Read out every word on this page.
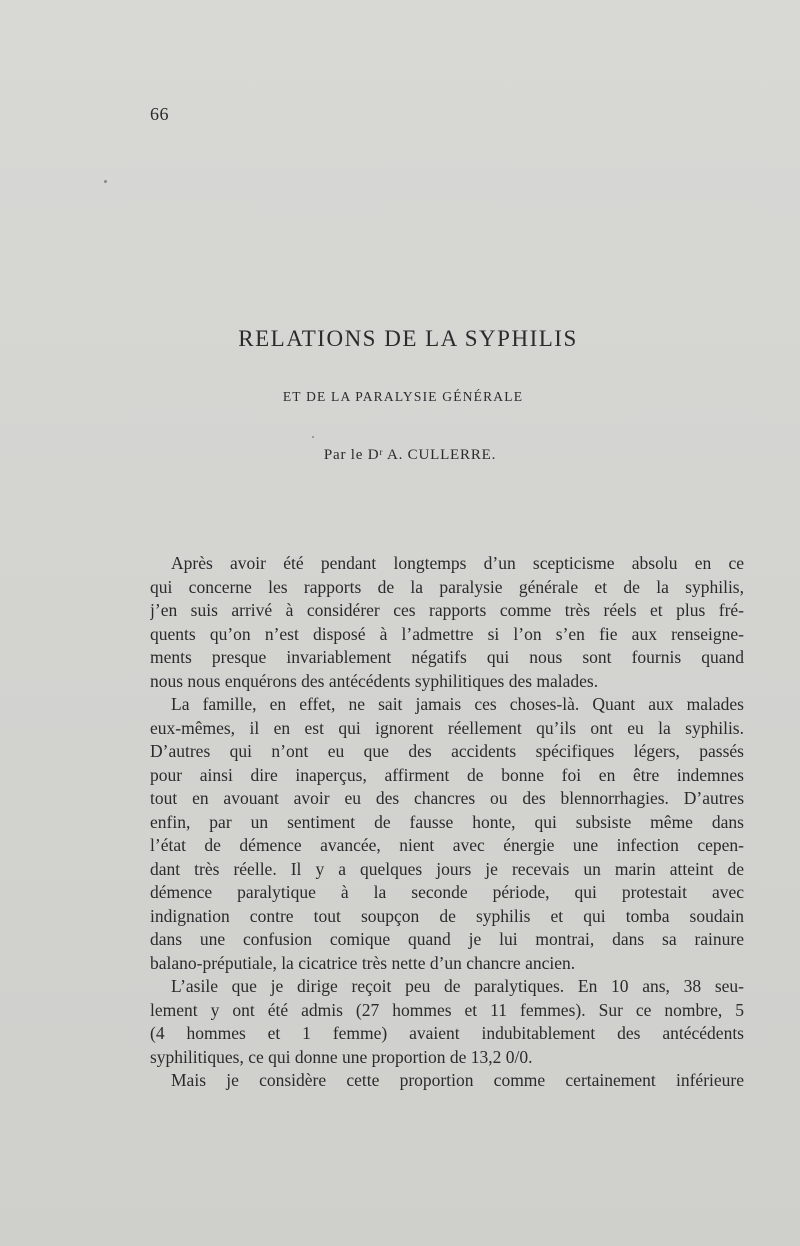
66
RELATIONS DE LA SYPHILIS
ET DE LA PARALYSIE GÉNÉRALE
Par le $D^r$ A. CULLERRE.
Après avoir été pendant longtemps d’un scepticisme absolu en ce
qui concerne les rapports de la paralysie générale et de la syphilis,
j’en suis arrivé à considérer ces rapports comme très réels et plus fré-
quents qu’on n’est disposé à l’admettre si l’on s’en fie aux renseigne-
ments presque invariablement négatifs qui nous sont fournis quand
nous nous enquérons des antécédents syphilitiques des malades.
La famille, en effet, ne sait jamais ces choses-là. Quant aux malades
eux-mêmes, il en est qui ignorent réellement qu’ils ont eu la syphilis.
D’autres qui n’ont eu que des accidents spécifiques légers, passés
pour ainsi dire inaperçus, affirment de bonne foi en être indemnes
tout en avouant avoir eu des chancres ou des blennorrhagies. D’autres
enfin, par un sentiment de fausse honte, qui subsiste même dans
l’état de démence avancée, nient avec énergie une infection cepen-
dant très réelle. Il y a quelques jours je recevais un marin atteint de
démence paralytique à la seconde période, qui protestait avec
indignation contre tout soupçon de syphilis et qui tomba soudain
dans une confusion comique quand je lui montrai, dans sa rainure
balano-préputiale, la cicatrice très nette d’un chancre ancien.
L’asile que je dirige reçoit peu de paralytiques. En 10 ans, 38 seu-
lement y ont été admis (27 hommes et 11 femmes). Sur ce nombre, 5
(4 hommes et 1 femme) avaient indubitablement des antécédents
syphilitiques, ce qui donne une proportion de 13,2 0/0.
Mais je considère cette proportion comme certainement inférieure
